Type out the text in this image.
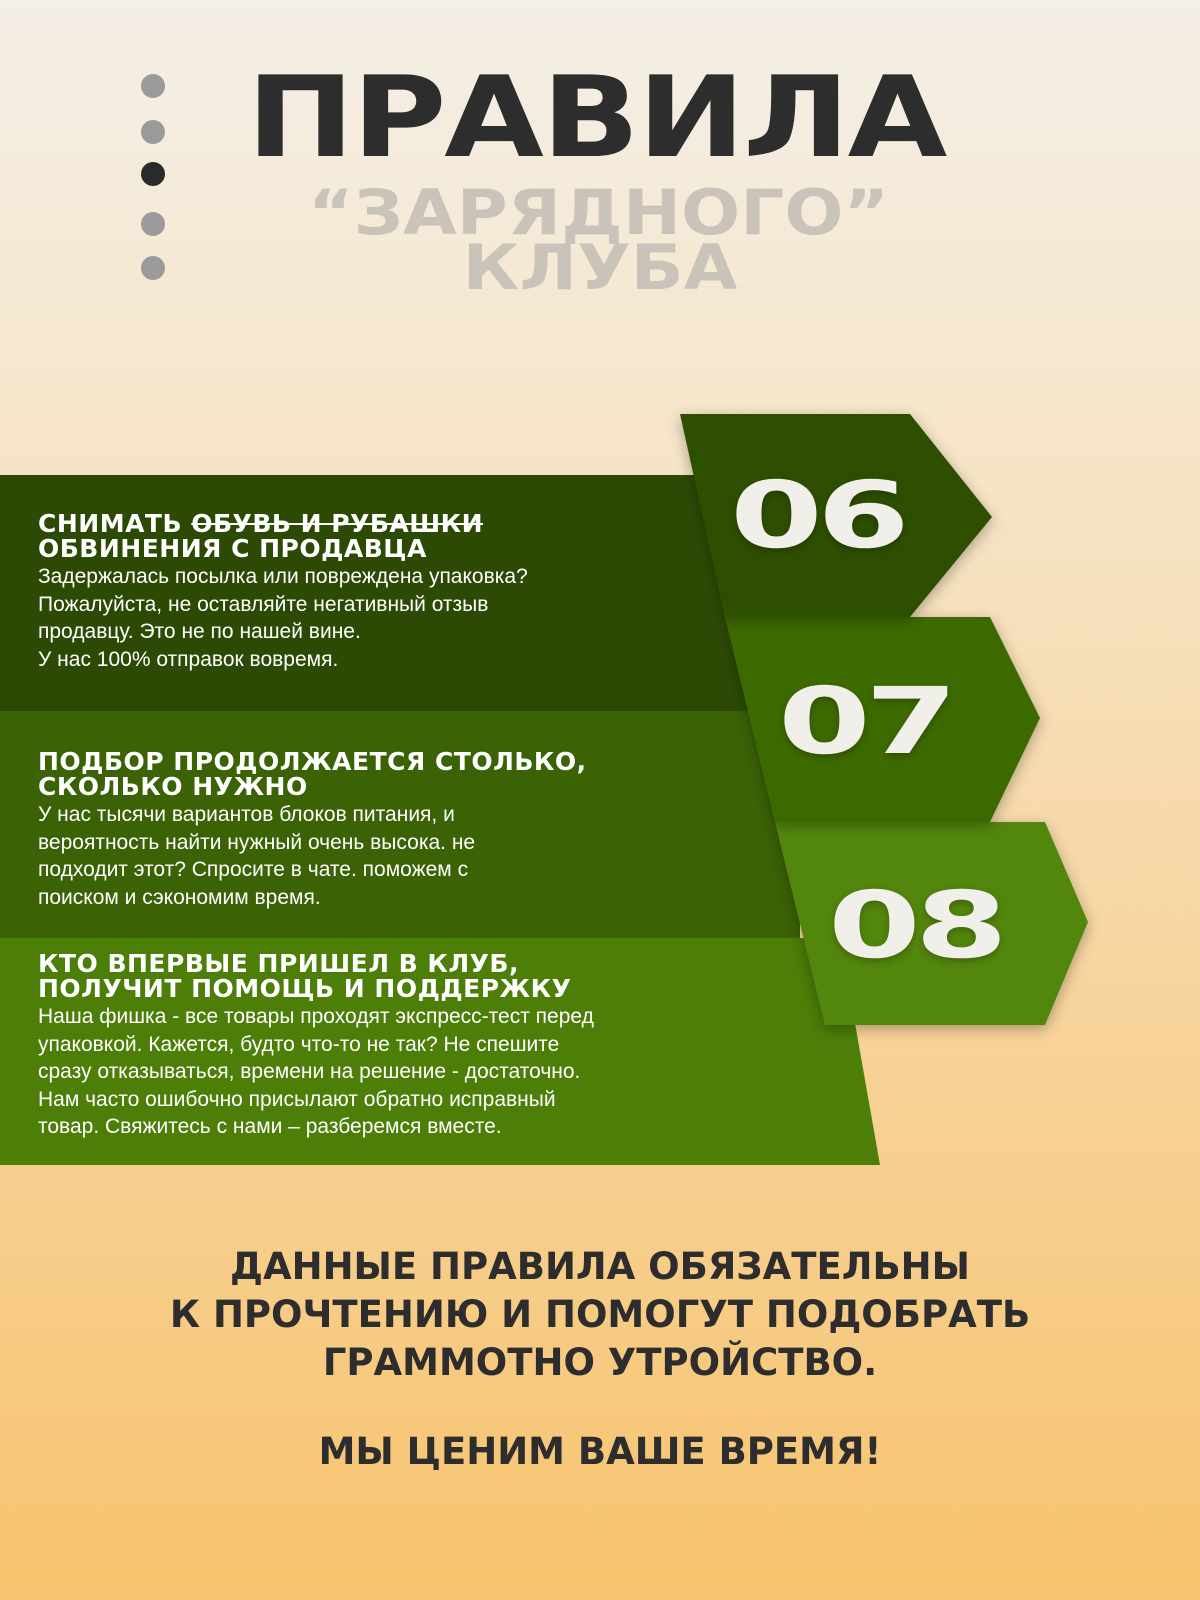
ПРАВИЛА
“ЗАРЯДНОГО”
КЛУБА
06
07
08
СНИМАТЬ ОБУВЬ И РУБАШКИ
ОБВИНЕНИЯ С ПРОДАВЦА

Задержалась посылка или повреждена упаковка?
Пожалуйста, не оставляйте негативный отзыв
продавцу. Это не по нашей вине.
У нас 100% отправок вовремя.

ПОДБОР ПРОДОЛЖАЕТСЯ СТОЛЬКО,
СКОЛЬКО НУЖНО

У нас тысячи вариантов блоков питания, и
вероятность найти нужный очень высока. не
подходит этот? Спросите в чате. поможем с
поиском и сэкономим время.

КТО ВПЕРВЫЕ ПРИШЕЛ В КЛУБ,
ПОЛУЧИТ ПОМОЩЬ И ПОДДЕРЖКУ

Наша фишка - все товары проходят экспресс-тест перед
упаковкой. Кажется, будто что-то не так? Не спешите
сразу отказываться, времени на решение - достаточно.
Нам часто ошибочно присылают обратно исправный
товар. Свяжитесь с нами – разберемся вместе.

ДАННЫЕ ПРАВИЛА ОБЯЗАТЕЛЬНЫ
К ПРОЧТЕНИЮ И ПОМОГУТ ПОДОБРАТЬ
ГРАММОТНО УТРОЙСТВО.
МЫ ЦЕНИМ ВАШЕ ВРЕМЯ!
